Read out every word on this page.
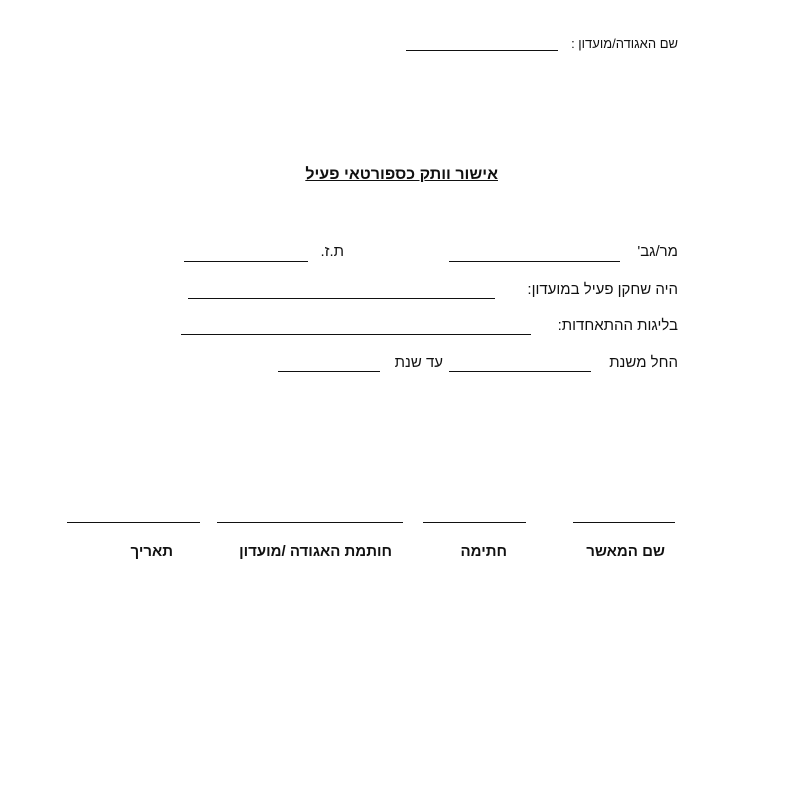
שם האגודה/מועדון :
אישור וותק כספורטאי פעיל
מר/גב'
ת.ז.
היה שחקן פעיל במועדון:
בליגות ההתאחדות:
החל משנת
עד שנת
שם המאשר
חתימה
חותמת האגודה /מועדון
תאריך
